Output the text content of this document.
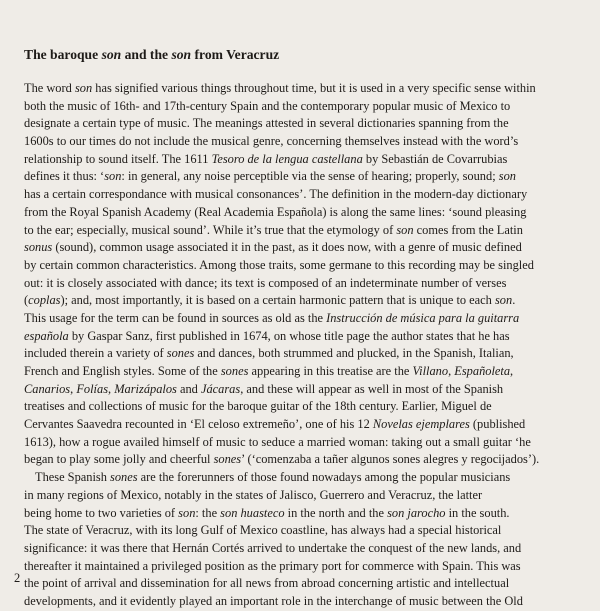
The baroque son and the son from Veracruz
The word son has signified various things throughout time, but it is used in a very specific sense within
both the music of 16th- and 17th-century Spain and the contemporary popular music of Mexico to
designate a certain type of music. The meanings attested in several dictionaries spanning from the
1600s to our times do not include the musical genre, concerning themselves instead with the word’s
relationship to sound itself. The 1611 Tesoro de la lengua castellana by Sebastián de Covarrubias
defines it thus: ‘son: in general, any noise perceptible via the sense of hearing; properly, sound; son
has a certain correspondance with musical consonances’. The definition in the modern-day dictionary
from the Royal Spanish Academy (Real Academia Española) is along the same lines: ‘sound pleasing
to the ear; especially, musical sound’. While it’s true that the etymology of son comes from the Latin
sonus (sound), common usage associated it in the past, as it does now, with a genre of music defined
by certain common characteristics. Among those traits, some germane to this recording may be singled
out: it is closely associated with dance; its text is composed of an indeterminate number of verses
(coplas); and, most importantly, it is based on a certain harmonic pattern that is unique to each son.
This usage for the term can be found in sources as old as the Instrucción de música para la guitarra
española by Gaspar Sanz, first published in 1674, on whose title page the author states that he has
included therein a variety of sones and dances, both strummed and plucked, in the Spanish, Italian,
French and English styles. Some of the sones appearing in this treatise are the Villano, Españoleta,
Canarios, Folías, Marizápalos and Jácaras, and these will appear as well in most of the Spanish
treatises and collections of music for the baroque guitar of the 18th century. Earlier, Miguel de
Cervantes Saavedra recounted in ‘El celoso extremeño’, one of his 12 Novelas ejemplares (published
1613), how a rogue availed himself of music to seduce a married woman: taking out a small guitar ‘he
began to play some jolly and cheerful sones’ (‘comenzaba a tañer algunos sones alegres y regocijados’).
These Spanish sones are the forerunners of those found nowadays among the popular musicians
in many regions of Mexico, notably in the states of Jalisco, Guerrero and Veracruz, the latter
being home to two varieties of son: the son huasteco in the north and the son jarocho in the south.
The state of Veracruz, with its long Gulf of Mexico coastline, has always had a special historical
significance: it was there that Hernán Cortés arrived to undertake the conquest of the new lands, and
thereafter it maintained a privileged position as the primary port for commerce with Spain. This was
the point of arrival and dissemination for all news from abroad concerning artistic and intellectual
developments, and it evidently played an important role in the interchange of music between the Old
2
